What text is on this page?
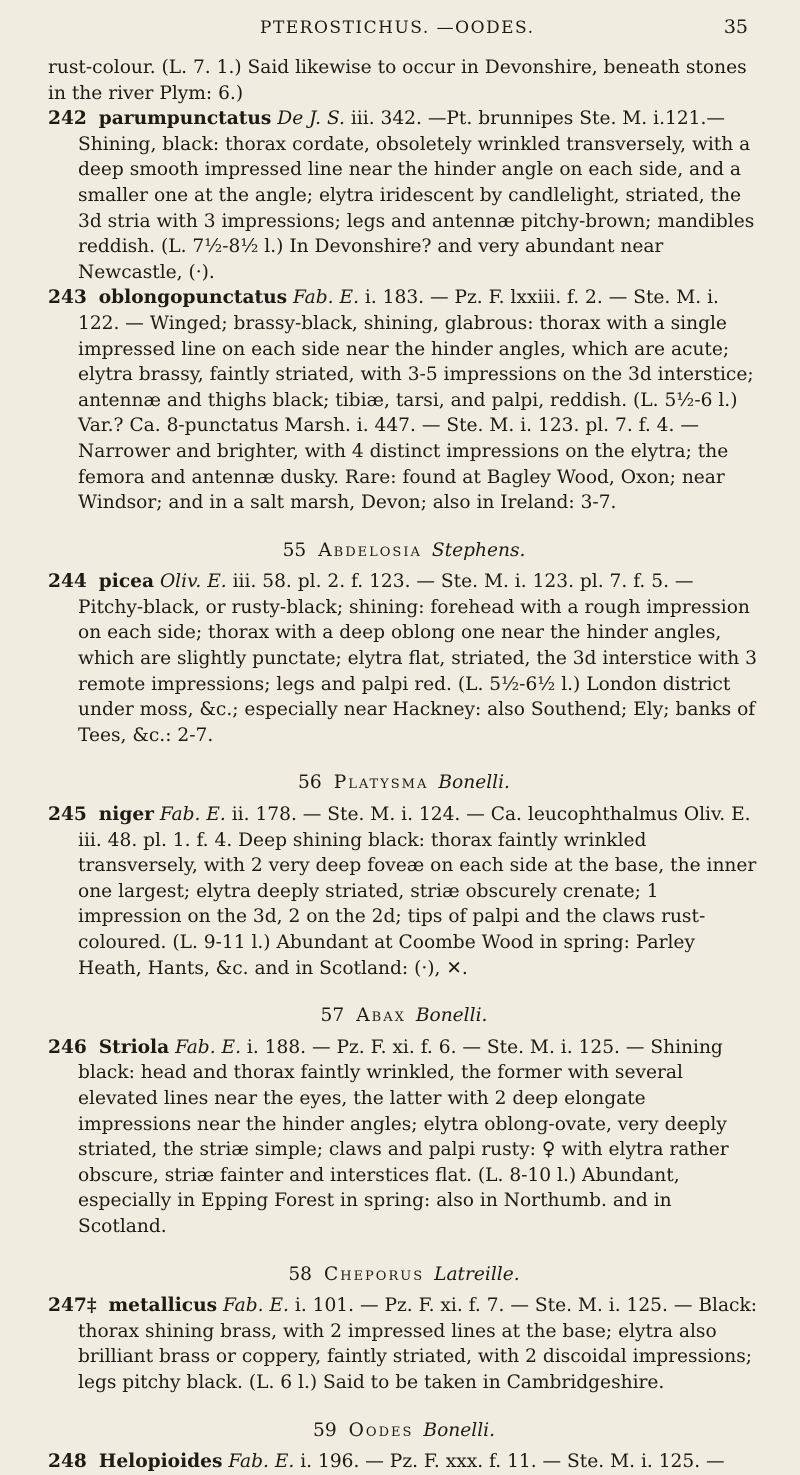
PTEROSTICHUS. —OODES.	35

rust-colour. (L. 7. 1.) Said likewise to occur in Devonshire, beneath stones in the river Plym: 6.)

242 parumpunctatus De J. S. iii. 342. —Pt. brunnipes Ste. M. i.121.—Shining, black: thorax cordate, obsoletely wrinkled transversely, with a deep smooth impressed line near the hinder angle on each side, and a smaller one at the angle; elytra iridescent by candlelight, striated, the 3d stria with 3 impressions; legs and antennæ pitchy-brown; mandibles reddish. (L. 7½-8½ l.) In Devonshire? and very abundant near Newcastle, (·).

243 oblongopunctatus Fab. E. i. 183. — Pz. F. lxxiii. f. 2. — Ste. M. i. 122. — Winged; brassy-black, shining, glabrous: thorax with a single impressed line on each side near the hinder angles, which are acute; elytra brassy, faintly striated, with 3-5 impressions on the 3d interstice; antennæ and thighs black; tibiæ, tarsi, and palpi, reddish. (L. 5½-6 l.)

Var.? Ca. 8-punctatus Marsh. i. 447. — Ste. M. i. 123. pl. 7. f. 4. — Narrower and brighter, with 4 distinct impressions on the elytra; the femora and antennæ dusky. Rare: found at Bagley Wood, Oxon; near Windsor; and in a salt marsh, Devon; also in Ireland: 3-7.

55 Abdelosia Stephens.

244 picea Oliv. E. iii. 58. pl. 2. f. 123. — Ste. M. i. 123. pl. 7. f. 5. — Pitchy-black, or rusty-black; shining: forehead with a rough impression on each side; thorax with a deep oblong one near the hinder angles, which are slightly punctate; elytra flat, striated, the 3d interstice with 3 remote impressions; legs and palpi red. (L. 5½-6½ l.) London district under moss, &c.; especially near Hackney: also Southend; Ely; banks of Tees, &c.: 2-7.

56 Platysma Bonelli.

245 niger Fab. E. ii. 178. — Ste. M. i. 124. — Ca. leucophthalmus Oliv. E. iii. 48. pl. 1. f. 4. Deep shining black: thorax faintly wrinkled transversely, with 2 very deep foveæ on each side at the base, the inner one largest; elytra deeply striated, striæ obscurely crenate; 1 impression on the 3d, 2 on the 2d; tips of palpi and the claws rust-coloured. (L. 9-11 l.) Abundant at Coombe Wood in spring: Parley Heath, Hants, &c. and in Scotland: (·), ✕.

57 Abax Bonelli.

246 Striola Fab. E. i. 188. — Pz. F. xi. f. 6. — Ste. M. i. 125. — Shining black: head and thorax faintly wrinkled, the former with several elevated lines near the eyes, the latter with 2 deep elongate impressions near the hinder angles; elytra oblong-ovate, very deeply striated, the striæ simple; claws and palpi rusty: ♀ with elytra rather obscure, striæ fainter and interstices flat. (L. 8-10 l.) Abundant, especially in Epping Forest in spring: also in Northumb. and in Scotland.

58 Cheporus Latreille.

247‡ metallicus Fab. E. i. 101. — Pz. F. xi. f. 7. — Ste. M. i. 125. — Black: thorax shining brass, with 2 impressed lines at the base; elytra also brilliant brass or coppery, faintly striated, with 2 discoidal impressions; legs pitchy black. (L. 6 l.) Said to be taken in Cambridgeshire.

59 Oodes Bonelli.

248 Helopioides Fab. E. i. 196. — Pz. F. xxx. f. 11. — Ste. M. i. 125. —
